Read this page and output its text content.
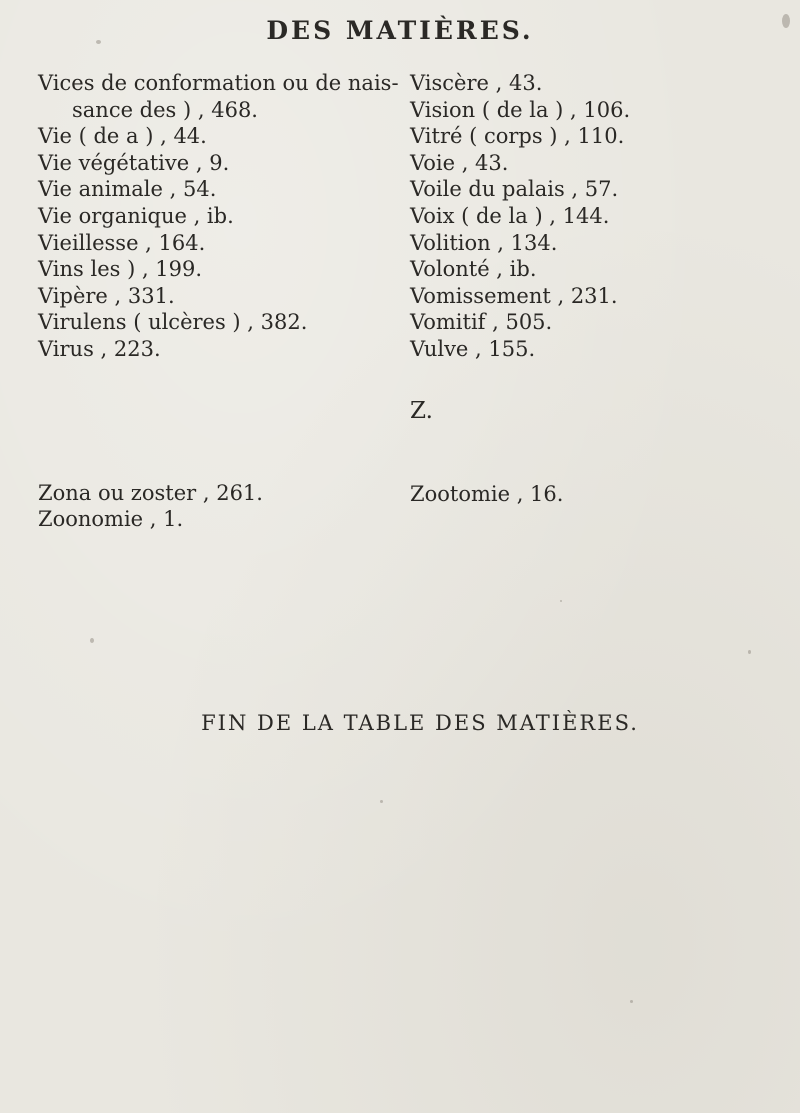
DES MATIÈRES.
Vices de conformation ou de nais-
sance des ) , 468.
Vie ( de a ) , 44.
Vie végétative , 9.
Vie animale , 54.
Vie organique , ib.
Vieillesse , 164.
Vins les ) , 199.
Vipère , 331.
Virulens ( ulcères ) , 382.
Virus , 223.
Viscère , 43.
Vision ( de la ) , 106.
Vitré ( corps ) , 110.
Voie , 43.
Voile du palais , 57.
Voix ( de la ) , 144.
Volition , 134.
Volonté , ib.
Vomissement , 231.
Vomitif , 505.
Vulve , 155.
Z.
Zona ou zoster , 261.
Zoonomie , 1.
Zootomie , 16.
FIN DE LA TABLE DES MATIÈRES.
